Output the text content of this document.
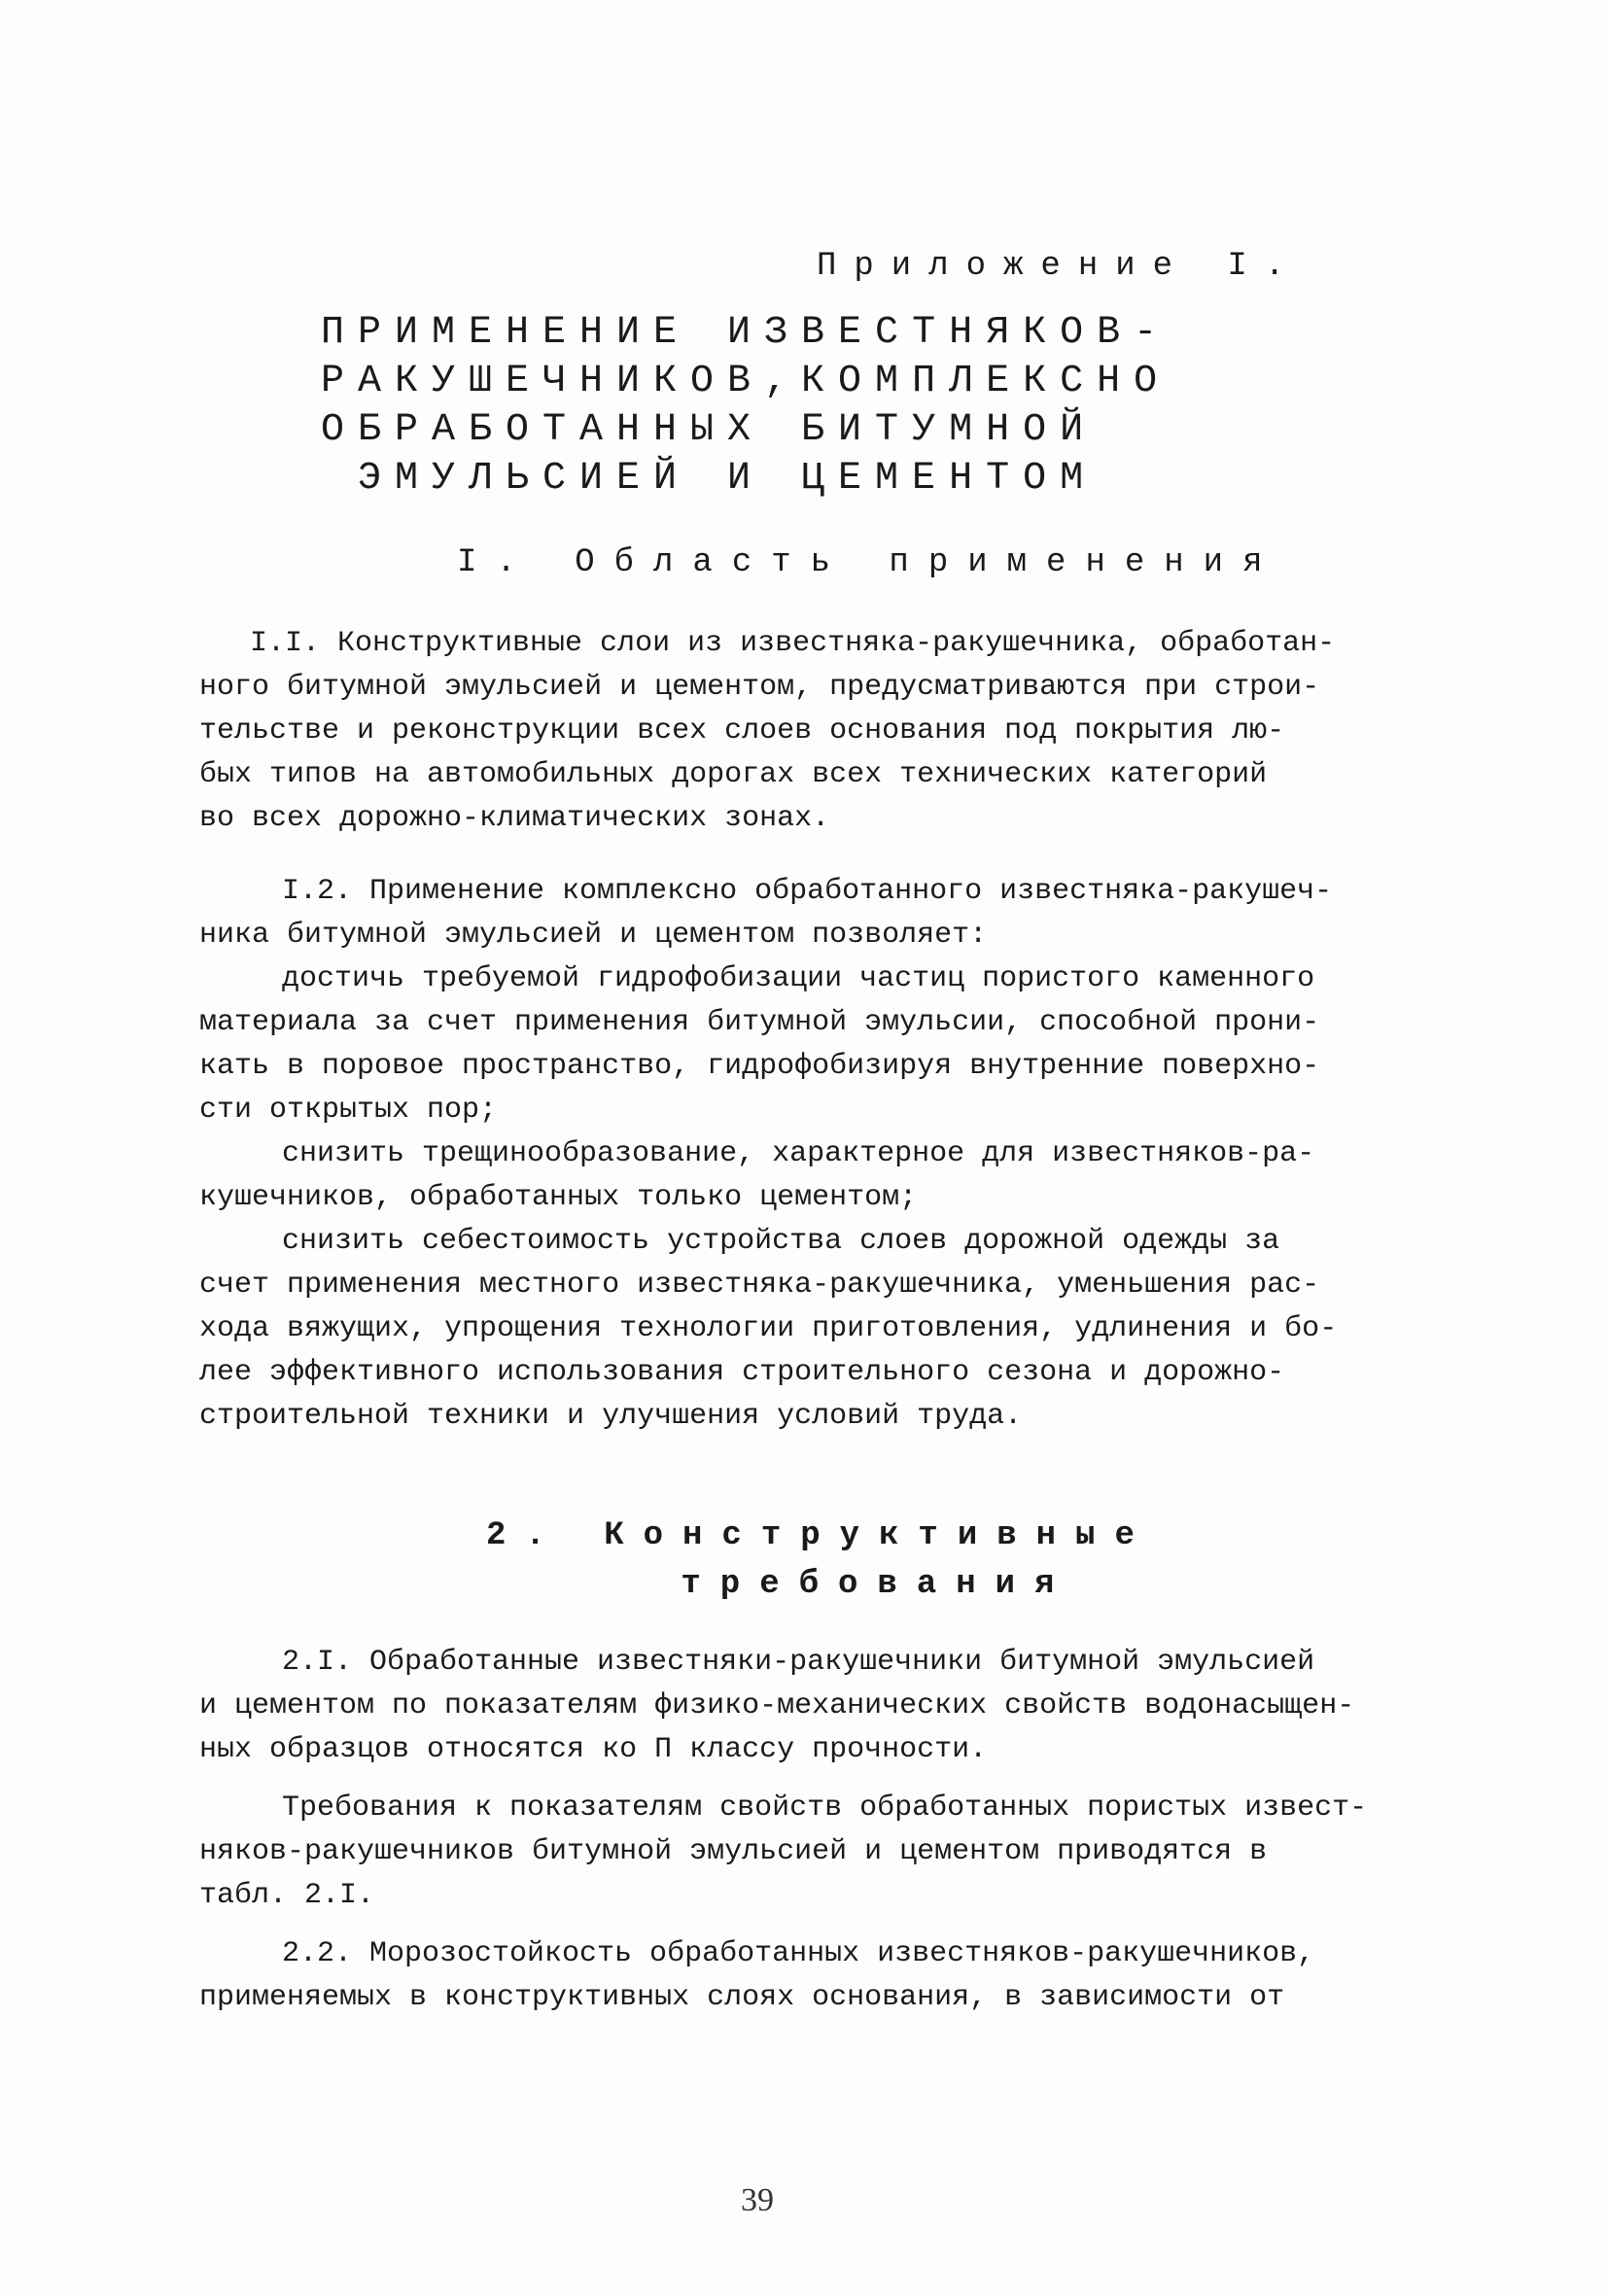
Приложение I.
ПРИМЕНЕНИЕ ИЗВЕСТНЯКОВ-
РАКУШЕЧНИКОВ,КОМПЛЕКСНО
ОБРАБОТАННЫХ БИТУМНОЙ
ЭМУЛЬСИЕЙ И ЦЕМЕНТОМ
I. Область применения
I.I. Конструктивные слои из известняка-ракушечника, обработан-
ного битумной эмульсией и цементом, предусматриваются при строи-
тельстве и реконструкции всех слоев основания под покрытия лю-
бых типов на автомобильных дорогах всех технических категорий
во всех дорожно-климатических зонах.
I.2. Применение комплексно обработанного известняка-ракушеч-
ника битумной эмульсией и цементом позволяет:
достичь требуемой гидрофобизации частиц пористого каменного
материала за счет применения битумной эмульсии, способной прони-
кать в поровое пространство, гидрофобизируя внутренние поверхно-
сти открытых пор;
снизить трещинообразование, характерное для известняков-ра-
кушечников, обработанных только цементом;
снизить себестоимость устройства слоев дорожной одежды за
счет применения местного известняка-ракушечника, уменьшения рас-
хода вяжущих, упрощения технологии приготовления, удлинения и бо-
лее эффективного использования строительного сезона и дорожно-
строительной техники и улучшения условий труда.
2. Конструктивные
требования
2.I. Обработанные известняки-ракушечники битумной эмульсией
и цементом по показателям физико-механических свойств водонасыщен-
ных образцов относятся ко П классу прочности.
Требования к показателям свойств обработанных пористых извест-
няков-ракушечников битумной эмульсией и цементом приводятся в
табл. 2.I.
2.2. Морозостойкость обработанных известняков-ракушечников,
применяемых в конструктивных слоях основания, в зависимости от
39
